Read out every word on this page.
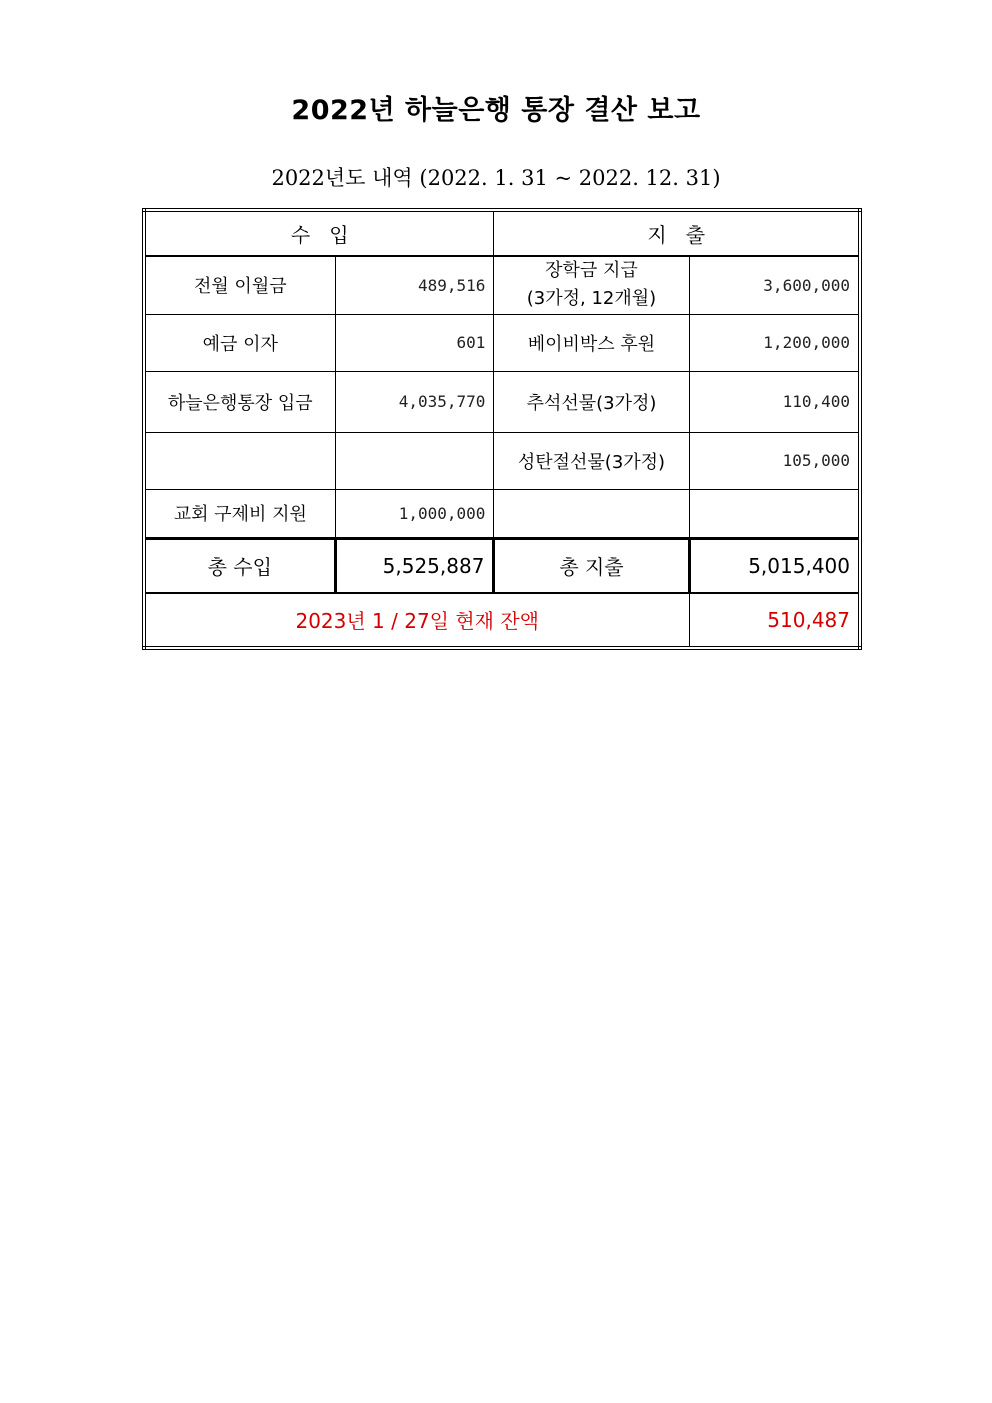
2022년 하늘은행 통장 결산 보고
2022년도 내역 (2022. 1. 31 ~ 2022. 12. 31)
수   입		지   출	
전월 이월금	489,516	장학금 지급
(3가정, 12개월)	3,600,000
예금 이자	601	베이비박스 후원	1,200,000
하늘은행통장 입금	4,035,770	추석선물(3가정)	110,400
		성탄절선물(3가정)	105,000
교회 구제비 지원	1,000,000		
총 수입	5,525,887	총 지출	5,015,400
2023년 1 / 27일 현재 잔액			510,487
